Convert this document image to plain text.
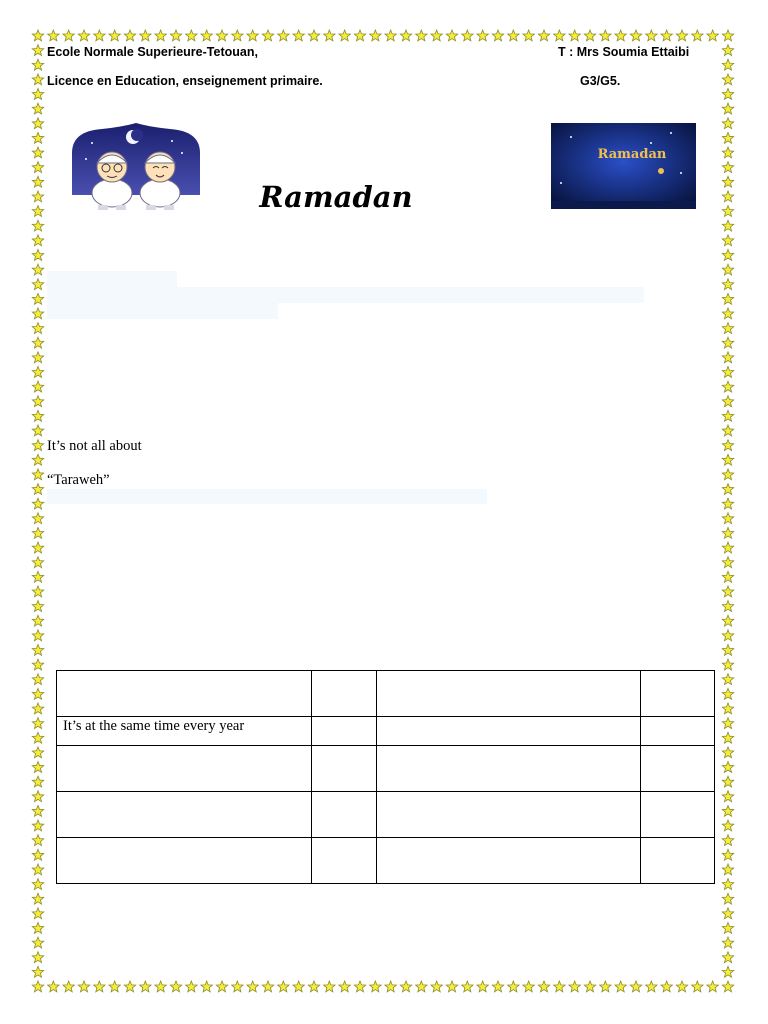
Ecole Normale Superieure-Tetouan,	T : Mrs Soumia Ettaibi
Licence en Education, enseignement primaire.	G3/G5.
Ramadan
Ramadan
It’s not all about
“Taraweh”

It’s at the same time every year			
